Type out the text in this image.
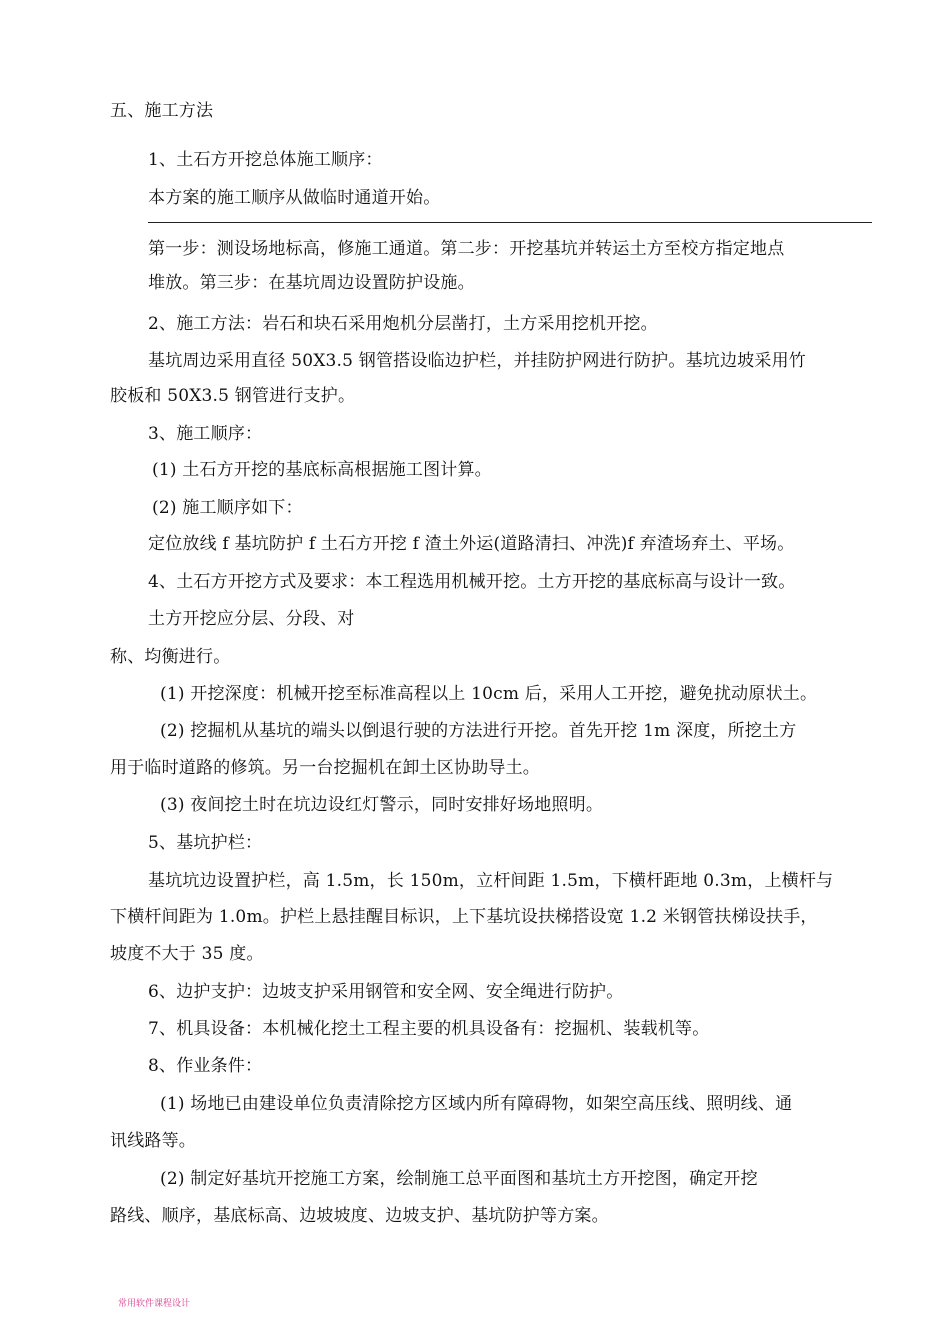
五、施工方法
1、土石方开挖总体施工顺序：
本方案的施工顺序从做临时通道开始。
第一步：测设场地标高，修施工通道。第二步：开挖基坑并转运土方至校方指定地点
堆放。第三步：在基坑周边设置防护设施。
2、施工方法：岩石和块石采用炮机分层凿打，土方采用挖机开挖。
基坑周边采用直径 50X3.5 钢管搭设临边护栏，并挂防护网进行防护。基坑边坡采用竹
胶板和 50X3.5 钢管进行支护。
3、施工顺序：
(1) 土石方开挖的基底标高根据施工图计算。
(2) 施工顺序如下：
定位放线 f 基坑防护 f 土石方开挖 f 渣土外运(道路清扫、冲洗)f 弃渣场弃土、平场。
4、土石方开挖方式及要求：本工程选用机械开挖。土方开挖的基底标高与设计一致。
土方开挖应分层、分段、对
称、均衡进行。
(1) 开挖深度：机械开挖至标准高程以上 10cm 后，采用人工开挖，避免扰动原状土。
(2) 挖掘机从基坑的端头以倒退行驶的方法进行开挖。首先开挖 1m 深度，所挖土方
用于临时道路的修筑。另一台挖掘机在卸土区协助导土。
(3) 夜间挖土时在坑边设红灯警示，同时安排好场地照明。
5、基坑护栏：
基坑坑边设置护栏，高 1.5m，长 150m，立杆间距 1.5m，下横杆距地 0.3m，上横杆与
下横杆间距为 1.0m。护栏上悬挂醒目标识，上下基坑设扶梯搭设宽 1.2 米钢管扶梯设扶手，
坡度不大于 35 度。
6、边护支护：边坡支护采用钢管和安全网、安全绳进行防护。
7、机具设备：本机械化挖土工程主要的机具设备有：挖掘机、装载机等。
8、作业条件：
(1) 场地已由建设单位负责清除挖方区域内所有障碍物，如架空高压线、照明线、通
讯线路等。
(2) 制定好基坑开挖施工方案，绘制施工总平面图和基坑土方开挖图，确定开挖
路线、顺序，基底标高、边坡坡度、边坡支护、基坑防护等方案。
常用软件课程设计
